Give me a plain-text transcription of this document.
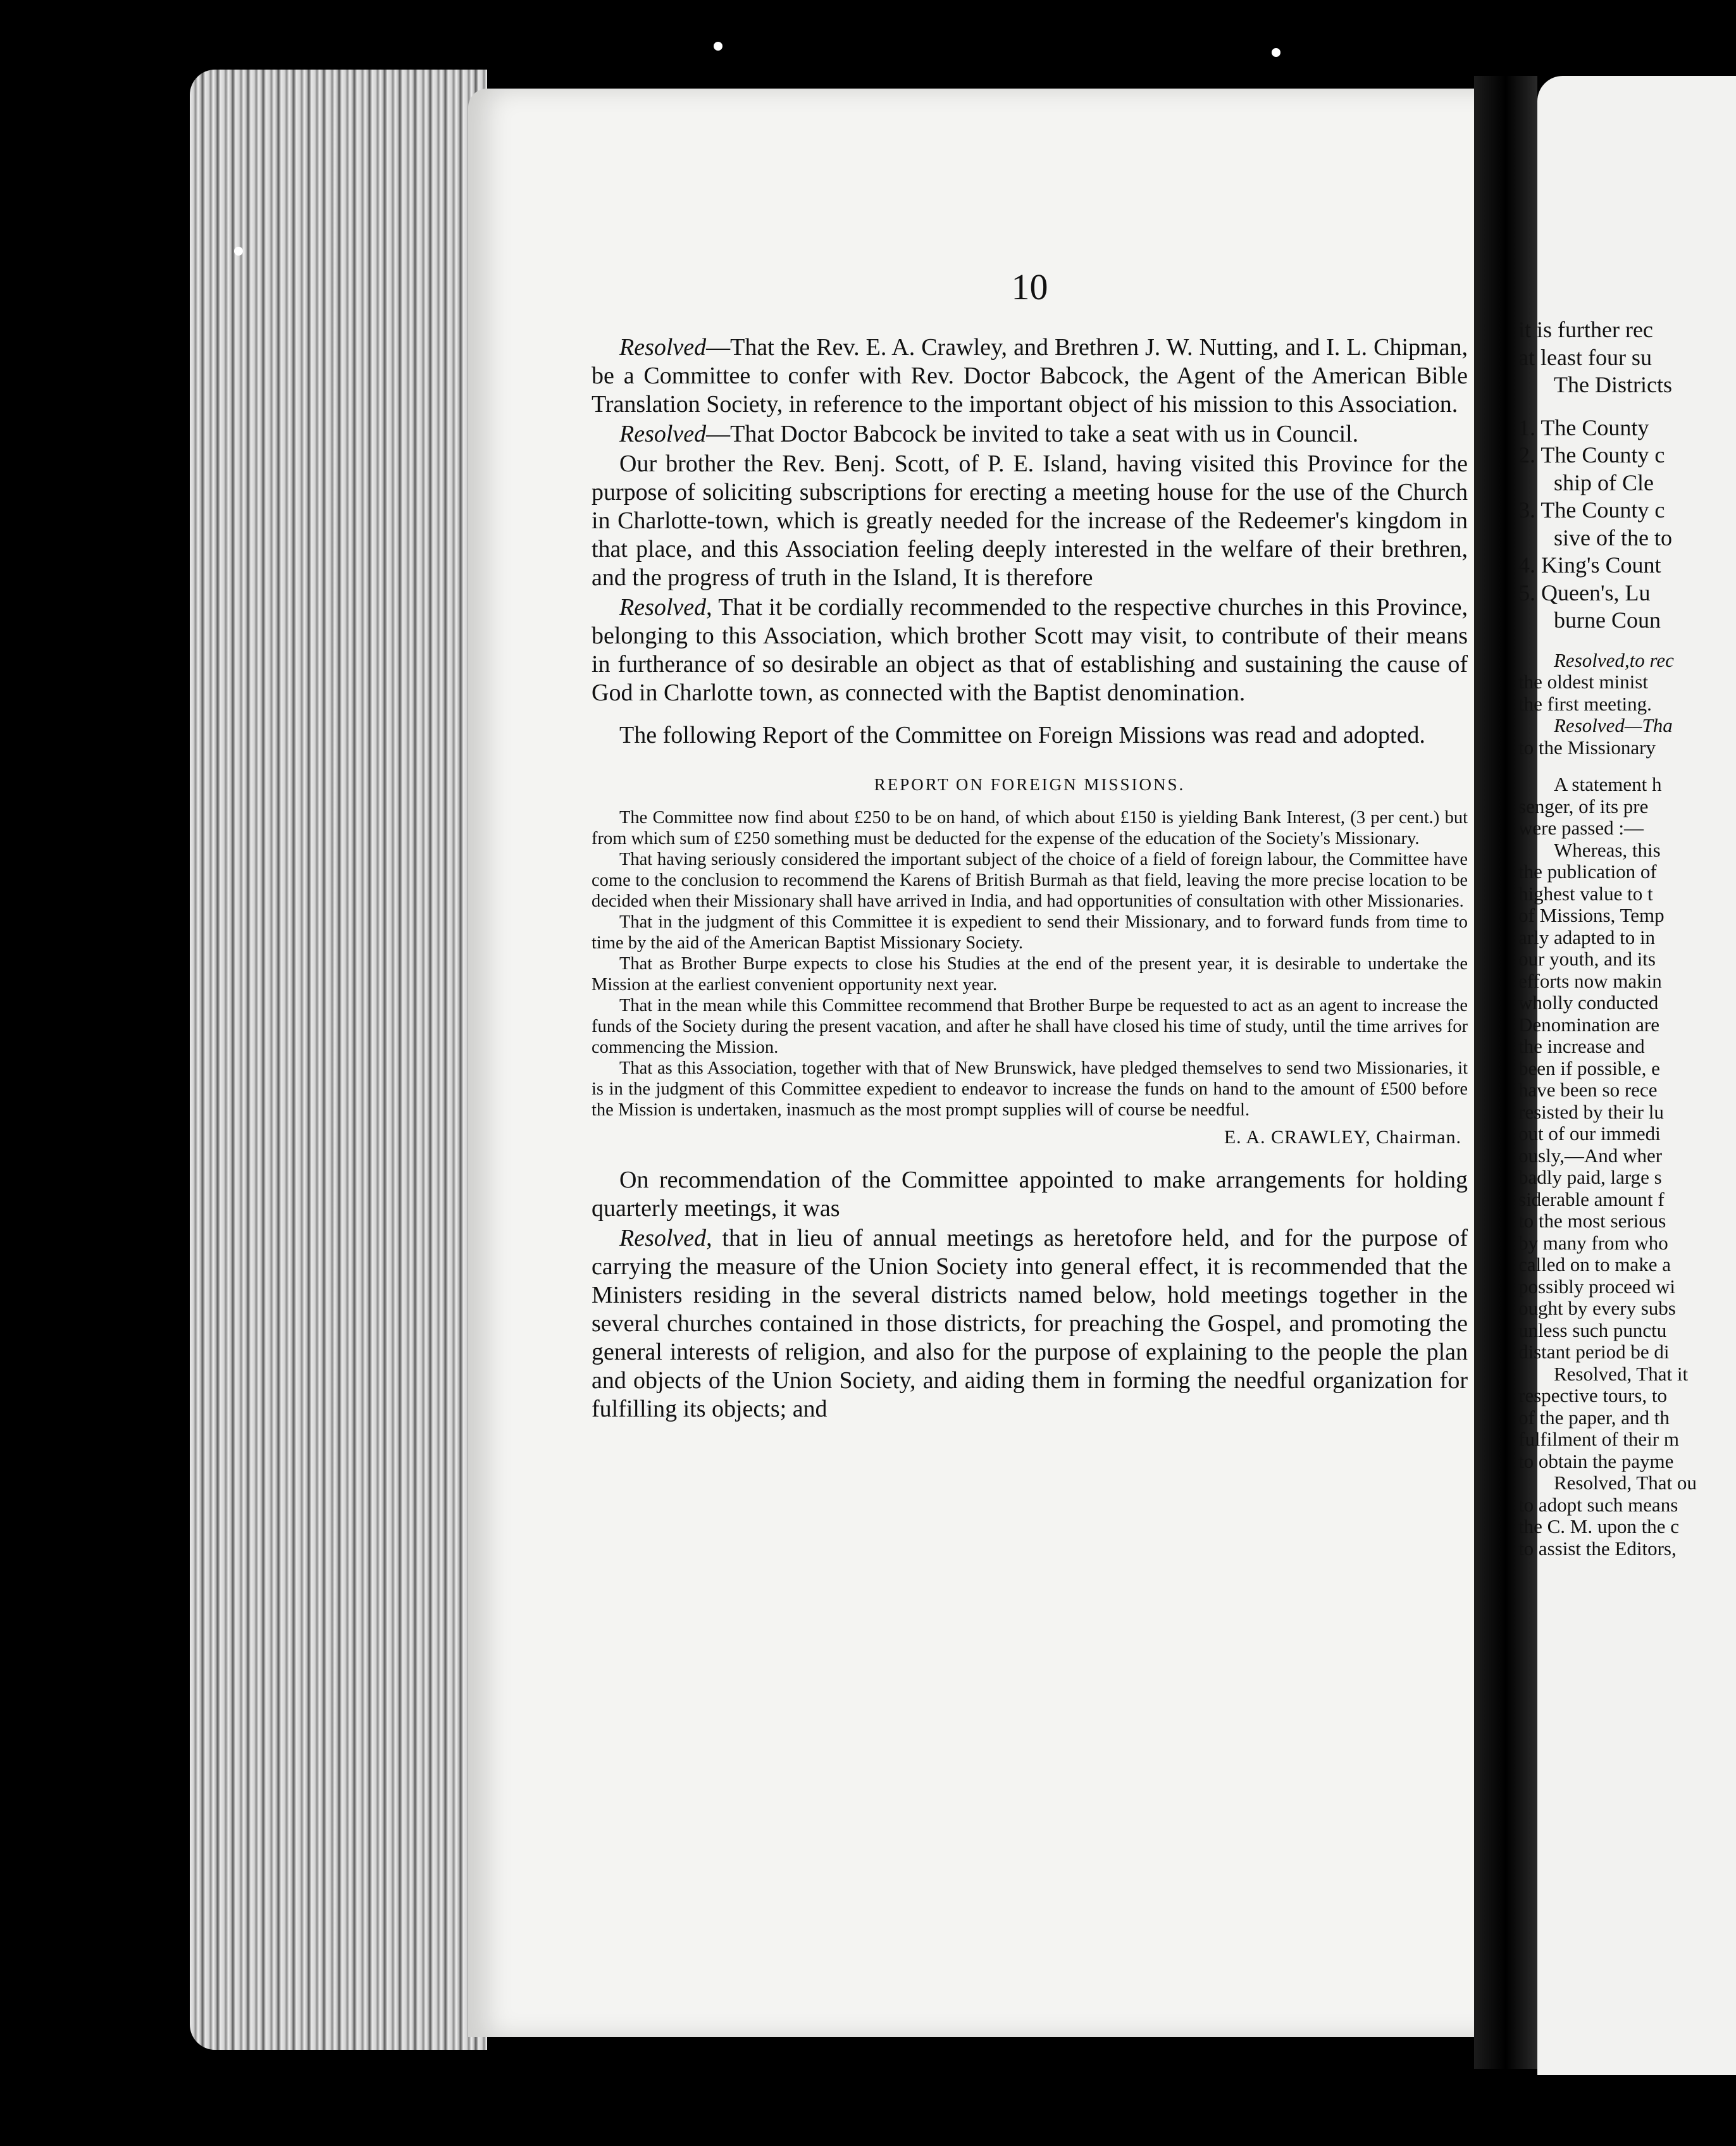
10

Resolved—That the Rev. E. A. Crawley, and Brethren J. W. Nutting, and I. L. Chipman, be a Committee to confer with Rev. Doctor Babcock, the Agent of the American Bible Translation Society, in reference to the important object of his mission to this Association.

Resolved—That Doctor Babcock be invited to take a seat with us in Council.

Our brother the Rev. Benj. Scott, of P. E. Island, having visited this Province for the purpose of soliciting subscriptions for erecting a meeting house for the use of the Church in Charlotte-town, which is greatly needed for the increase of the Redeemer's kingdom in that place, and this Association feeling deeply interested in the welfare of their brethren, and the progress of truth in the Island, It is therefore

Resolved, That it be cordially recommended to the respective churches in this Province, belonging to this Association, which brother Scott may visit, to contribute of their means in furtherance of so desirable an object as that of establishing and sustaining the cause of God in Charlotte town, as connected with the Baptist denomination.

The following Report of the Committee on Foreign Missions was read and adopted.

REPORT ON FOREIGN MISSIONS.

The Committee now find about £250 to be on hand, of which about £150 is yielding Bank Interest, (3 per cent.) but from which sum of £250 something must be deducted for the expense of the education of the Society's Missionary.

That having seriously considered the important subject of the choice of a field of foreign labour, the Committee have come to the conclusion to recommend the Karens of British Burmah as that field, leaving the more precise location to be decided when their Missionary shall have arrived in India, and had opportunities of consultation with other Missionaries.

That in the judgment of this Committee it is expedient to send their Missionary, and to forward funds from time to time by the aid of the American Baptist Missionary Society.

That as Brother Burpe expects to close his Studies at the end of the present year, it is desirable to undertake the Mission at the earliest convenient opportunity next year.

That in the mean while this Committee recommend that Brother Burpe be requested to act as an agent to increase the funds of the Society during the present vacation, and after he shall have closed his time of study, until the time arrives for commencing the Mission.

That as this Association, together with that of New Brunswick, have pledged themselves to send two Missionaries, it is in the judgment of this Committee expedient to endeavor to increase the funds on hand to the amount of £500 before the Mission is undertaken, inasmuch as the most prompt supplies will of course be needful.

E. A. CRAWLEY, Chairman.

On recommendation of the Committee appointed to make arrangements for holding quarterly meetings, it was

Resolved, that in lieu of annual meetings as heretofore held, and for the purpose of carrying the measure of the Union Society into general effect, it is recommended that the Ministers residing in the several districts named below, hold meetings together in the several churches contained in those districts, for preaching the Gospel, and promoting the general interests of religion, and also for the purpose of explaining to the people the plan and objects of the Union Society, and aiding them in forming the needful organization for fulfilling its objects; and

it is further rec
at least four su
The Districts
1. The County
2. The County c
ship of Cle
3. The County c
sive of the to
4. King's Count
5. Queen's, Lu
burne Coun
Resolved,to rec
the oldest minist
the first meeting.
Resolved—Tha
to the Missionary
A statement h
senger, of its pre
were passed :—
Whereas, this
the publication of
highest value to t
of Missions, Temp
arly adapted to in
our youth, and its
efforts now makin
wholly conducted
Denomination are
the increase and
been if possible, e
have been so rece
resisted by their lu
out of our immedi
ously,—And wher
badly paid, large s
siderable amount f
to the most serious
by many from who
called on to make a
possibly proceed wi
ought by every subs
unless such punctu
distant period be di
Resolved, That it
respective tours, to
of the paper, and th
fulfilment of their m
to obtain the payme
Resolved, That ou
to adopt such means
the C. M. upon the c
to assist the Editors,
